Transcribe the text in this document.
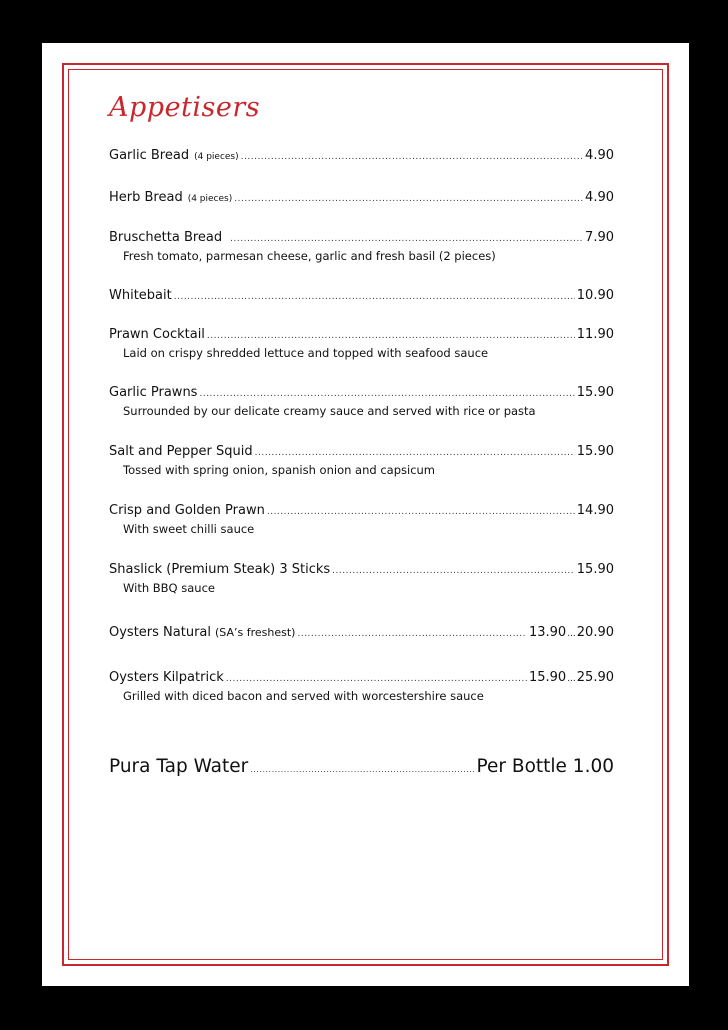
Appetisers
Garlic Bread (4 pieces) .....	4.90
Herb Bread (4 pieces) .....	4.90
Bruschetta Bread .....	7.90
Fresh tomato, parmesan cheese, garlic and fresh basil (2 pieces)
Whitebait .....	10.90
Prawn Cocktail .....	11.90
Laid on crispy shredded lettuce and topped with seafood sauce
Garlic Prawns .....	15.90
Surrounded by our delicate creamy sauce and served with rice or pasta
Salt and Pepper Squid .....	15.90
Tossed with spring onion, spanish onion and capsicum
Crisp and Golden Prawn .....	14.90
With sweet chilli sauce
Shaslick (Premium Steak) 3 Sticks .....	15.90
With BBQ sauce
Oysters Natural (SA’s freshest) .....	13.90 ... 20.90
Oysters Kilpatrick .....	15.90 ... 25.90
Grilled with diced bacon and served with worcestershire sauce
Pura Tap Water .....	Per Bottle 1.00
